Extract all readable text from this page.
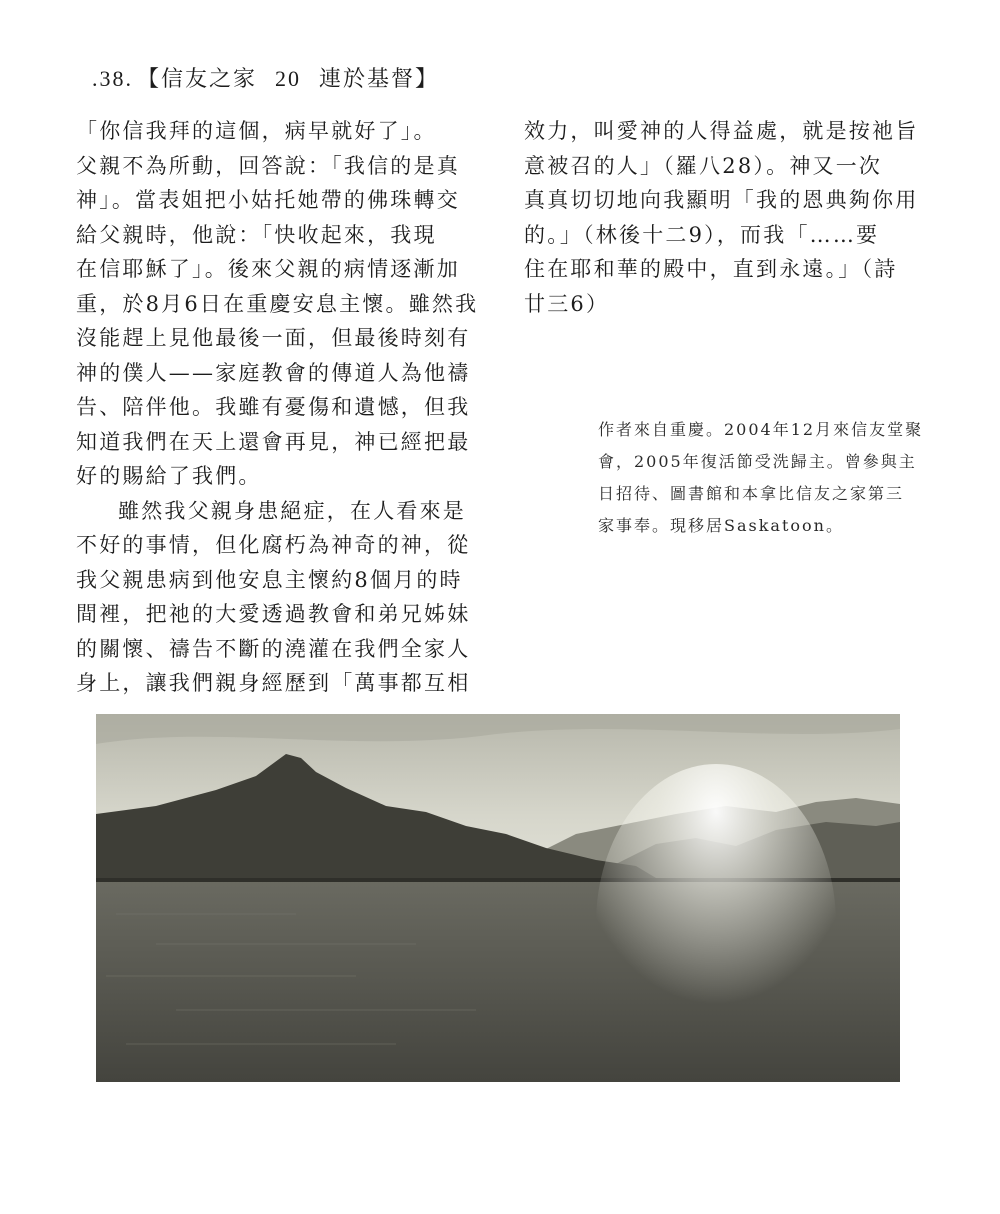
.38. 【信友之家 20 連於基督】

「你信我拜的這個，病早就好了」。
父親不為所動，回答說：「我信的是真
神」。當表姐把小姑托她帶的佛珠轉交
給父親時，他說：「快收起來，我現
在信耶穌了」。後來父親的病情逐漸加
重，於8月6日在重慶安息主懷。雖然我
沒能趕上見他最後一面，但最後時刻有
神的僕人——家庭教會的傳道人為他禱
告、陪伴他。我雖有憂傷和遺憾，但我
知道我們在天上還會再見，神已經把最
好的賜給了我們。

雖然我父親身患絕症，在人看來是
不好的事情，但化腐朽為神奇的神，從
我父親患病到他安息主懷約8個月的時
間裡，把祂的大愛透過教會和弟兄姊妹
的關懷、禱告不斷的澆灌在我們全家人
身上，讓我們親身經歷到「萬事都互相

效力，叫愛神的人得益處，就是按祂旨
意被召的人」（羅八28）。神又一次
真真切切地向我顯明「我的恩典夠你用
的。」（林後十二9），而我「……要
住在耶和華的殿中，直到永遠。」（詩
廿三6）

作者來自重慶。2004年12月來信友堂聚
會，2005年復活節受洗歸主。曾參與主
日招待、圖書館和本拿比信友之家第三
家事奉。現移居Saskatoon。
